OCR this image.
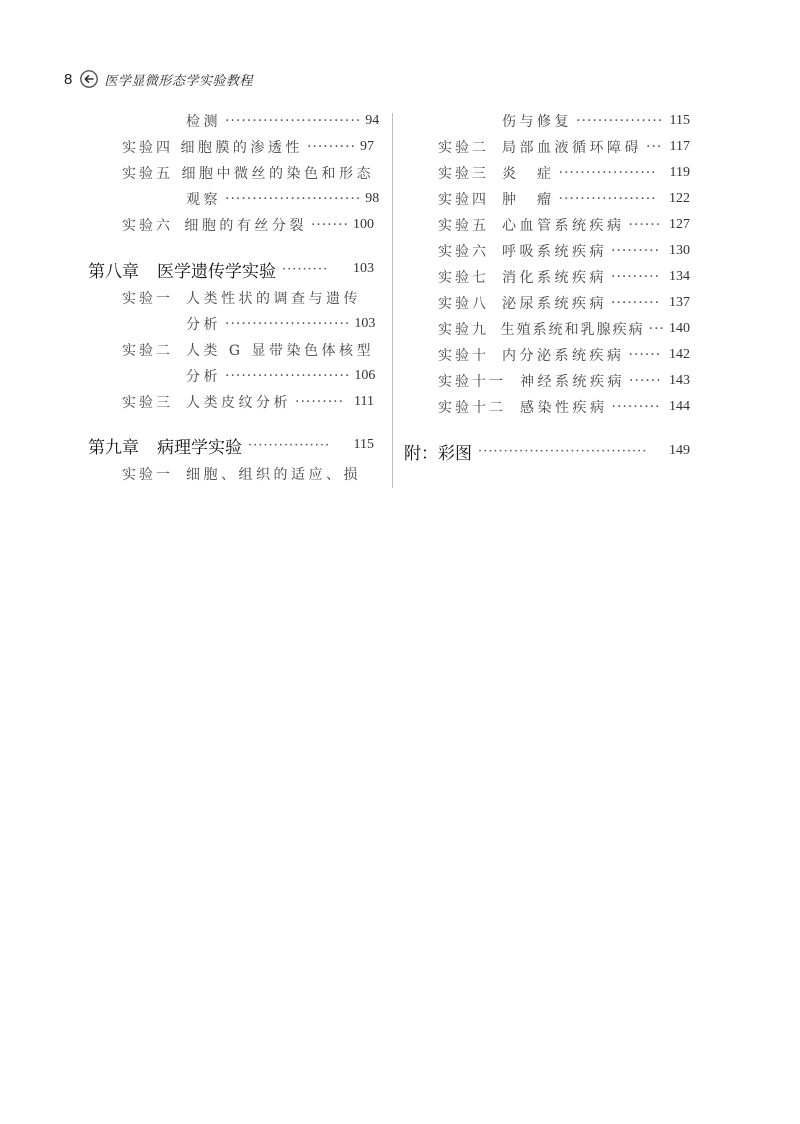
8 医学显微形态学实验教程
检测 ························· 94
实验四 细胞膜的渗透性 ········· 97
实验五 细胞中微丝的染色和形态
观察 ························· 98
实验六 细胞的有丝分裂 ······· 100
第八章 医学遗传学实验 ·········	103
实验一 人类性状的调查与遗传
分析 ······················· 103
实验二 人类 G 显带染色体核型
分析 ······················· 106
实验三 人类皮纹分析 ········· 111
第九章 病理学实验 ················	115
实验一 细胞、组织的适应、损
伤与修复 ················ 115
实验二 局部血液循环障碍 ··· 117
实验三 炎　症 ·················· 119
实验四 肿　瘤 ·················· 122
实验五 心血管系统疾病 ······ 127
实验六 呼吸系统疾病 ········· 130
实验七 消化系统疾病 ········· 134
实验八 泌尿系统疾病 ········· 137
实验九 生殖系统和乳腺疾病 ··· 140
实验十 内分泌系统疾病 ······ 142
实验十一	神经系统疾病 ······ 143
实验十二	感染性疾病 ········· 144
附：彩图 ·································	149
